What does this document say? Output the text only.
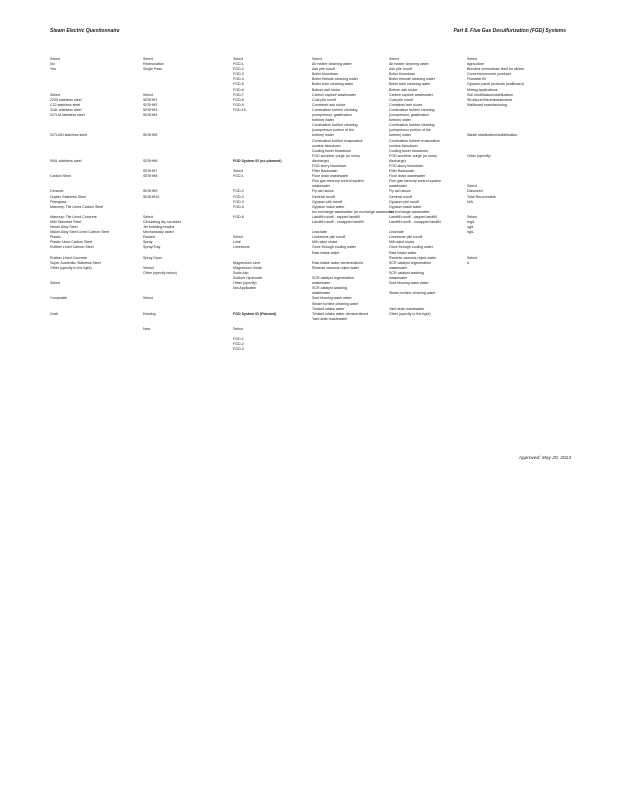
Steam Electric Questionnaire	Part 8. Flue Gas Desulfurization (FGD) Systems
Select
No
Yes
Select
2205 stainless steel
C22 stainless steel
316L stainless steel
317LM stainless steel
317LMN stainless steel
904L stainless steel
Carbon Steel
Ceramic
Duplex Stainless Steel
Fiberglass
Masonry: Tile Lined Carbon Steel
Masonry: Tile Lined Concrete
Mild Stainless Steel
Nickel Alloy Steel
Nickel Alloy Steel Lined Carbon Steel
Plastic
Plastic Lined Carbon Steel
Rubber Lined Carbon Steel
Rubber Lined Concrete
Super Austenitic Stainless Steel
Other (specify to the right)
Select
Composite
Grab
Select
Recirculation
Single Pass
Select
SESHH1
SESHH2
SESHH3
SESHH4
SESHH5
SESHH6
SESHH7
SESHH8
SESHH9
SESHH10
Select
Circulating dry scrubber
Jet bubbling reactor
Mechanically aided
Packed
Spray
Spray/Tray
Spray Dryer
Venturi
Other (specify below)
Select
Existing
New
Select
FGD-1
FGD-2
FGD-3
FGD-4
FGD-5
FGD-6
FGD-7
FGD-8
FGD-9
FGD-10
FGD System ID (no planned)
Select
FGD-1
FGD-2
FGD-3
FGD-4
FGD-5
FGD-6
Select
Lime
Limestone
Magnesium Lime
Magnesium Oxide
Soda Ash
Sodium Hydroxide
Other (specify)
Not Applicable
FGD System ID (Planned)
Select
FGD-1
FGD-2
FGD-3
Select
Air heater cleaning water
Ash pile runoff
Boiler blowdown
Boiler fireside cleaning water
Boiler tube cleaning water
Bottom ash sluice
Carbon capture wastewater
Coal pile runoff
Combined ash sluice
Combustion turbine cleaning
(compressor, gasification
turbine) water
Combustion turbine cleaning
(compressor portion of the
turbine) water
Combustion turbine evaporative
coolers blowdown
Cooling tower blowdown
FGD scrubber purge (or slurry
discharge)
FGD slurry blowdown
Filter Backwash
Floor drain wastewater
Flue gas mercury control system
wastewater
Fly ash sluice
General runoff
Gypsum pile runoff
Gypsum wash water
Ion exchange wastewater (or exchange wastewater
Landfill runoff - capped landfill
Landfill runoff - uncapped landfill
Leachate
Limestone pile runoff
Mill reject sluice
Once through cooling water
Raw intake water
Raw intake water demineralized
Reverse osmosis reject water
SCR catalyst regeneration
wastewater
SCR catalyst washing
wastewater
Soot blowing wash water
Steam turbine cleaning water
Treated intake water
Treated intake water demineralized
Yard drain wastewater
Select
Air heater cleaning water
Ash pile runoff
Boiler blowdown
Boiler fireside cleaning water
Boiler tube cleaning water
Bottom ash sluice
Carbon capture wastewater
Coal pile runoff
Combined ash sluice
Combustion turbine cleaning
(compressor, gasification
turbine) water
Combustion turbine cleaning
(compressor portion of the
turbine) water
Combustion turbine evaporative
coolers blowdown
Cooling tower blowdown
FGD scrubber purge (or slurry
discharge)
FGD slurry blowdown
Filter Backwash
Floor drain wastewater
Flue gas mercury control system
wastewater
Fly ash sluice
General runoff
Gypsum pile runoff
Gypsum wash water
Ion exchange wastewater
Landfill runoff - capped landfill
Landfill runoff - uncapped landfill
Leachate
Limestone pile runoff
Mill reject sluice
Once through cooling water
Raw intake water
Reverse osmosis reject water
SCR catalyst regeneration
wastewater
SCR catalyst washing
wastewater
Soot blowing wash water
Steam turbine cleaning water
Yard drain wastewater
Other (specify to the right)
Select
Agriculture
Blended cement/raw feed for clinker
Concrete/concrete products
Flowable fill
Gypsum panel products (wallboard)
Mining applications
Soil modification/stabilization
Structural fills/embankments
Wallboard manufacturing
Waste stabilization/solidification
Other (specify)
Select
Dissolved
Total Recoverable
N/A
Select
mg/L
ug/L
ng/L
Select
#
Approved: May 20, 2013
